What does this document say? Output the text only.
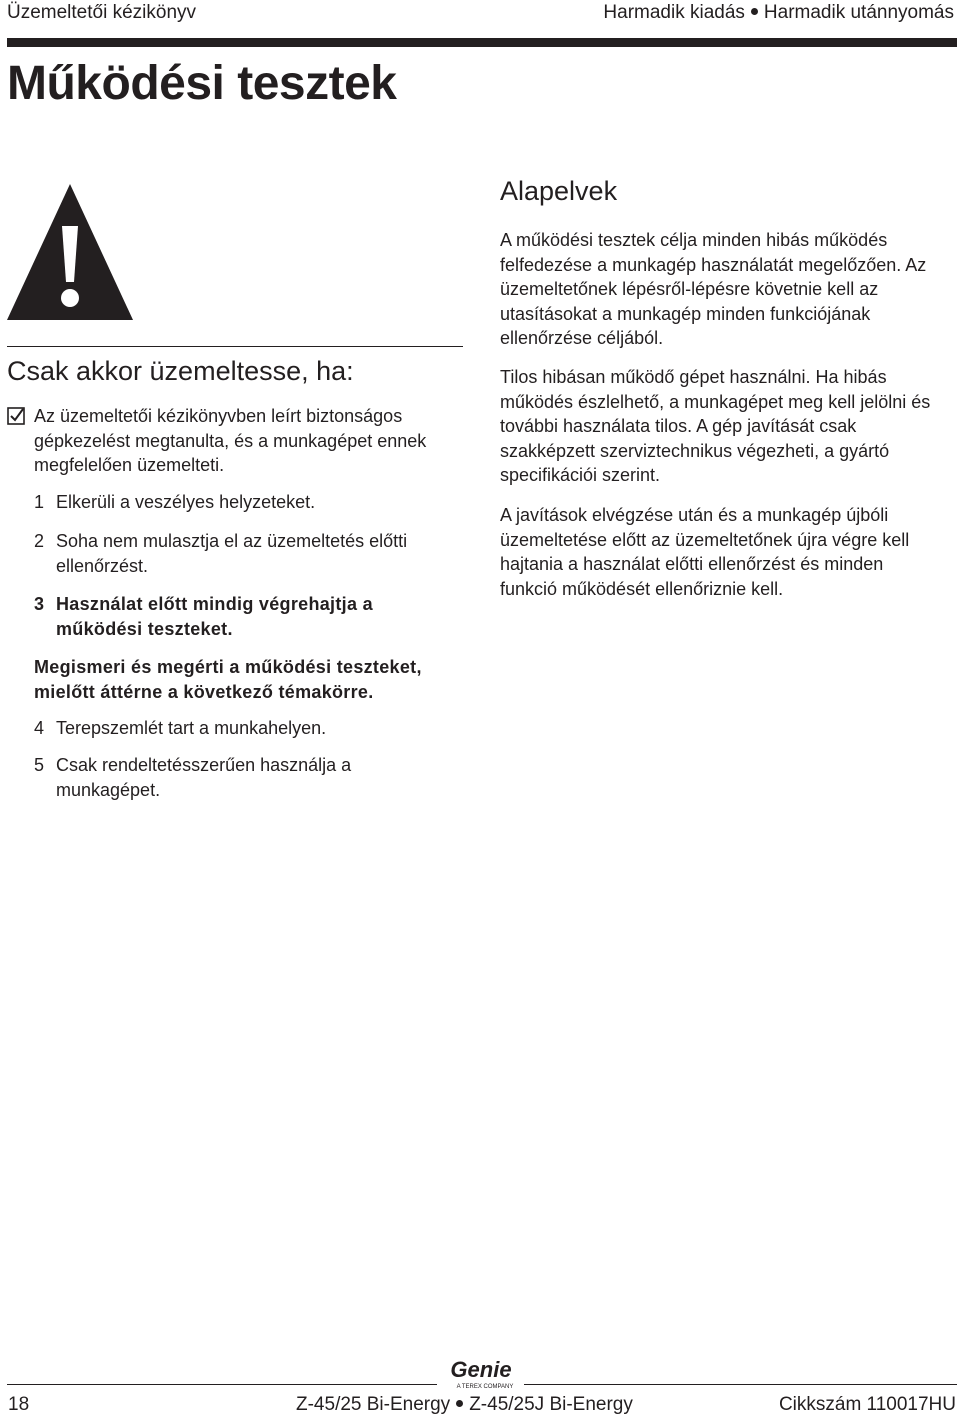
Üzemeltetői kézikönyv	Harmadik kiadás Harmadik utánnyomás
Működési tesztek
Csak akkor üzemeltesse, ha:
Az üzemeltetői kézikönyvben leírt biztonságos gépkezelést megtanulta, és a munkagépet ennek megfelelően üzemelteti.
1 Elkerüli a veszélyes helyzeteket.
2 Soha nem mulasztja el az üzemeltetés előtti ellenőrzést.
3 Használat előtt mindig végrehajtja a működési teszteket.
Megismeri és megérti a működési teszteket, mielőtt áttérne a következő témakörre.
4 Terepszemlét tart a munkahelyen.
5 Csak rendeltetésszerűen használja a munkagépet.
Alapelvek
A működési tesztek célja minden hibás működés felfedezése a munkagép használatát megelőzően. Az üzemeltetőnek lépésről-lépésre követnie kell az utasításokat a munkagép minden funkciójának ellenőrzése céljából.
Tilos hibásan működő gépet használni. Ha hibás működés észlelhető, a munkagépet meg kell jelölni és további használata tilos. A gép javítását csak szakképzett szerviztechnikus végezheti, a gyártó specifikációi szerint.
A javítások elvégzése után és a munkagép újbóli üzemeltetése előtt az üzemeltetőnek újra végre kell hajtania a használat előtti ellenőrzést és minden funkció működését ellenőriznie kell.
Genie
A TEREX COMPANY
18	Z-45/25 Bi-Energy Z-45/25J Bi-Energy	Cikkszám 110017HU
